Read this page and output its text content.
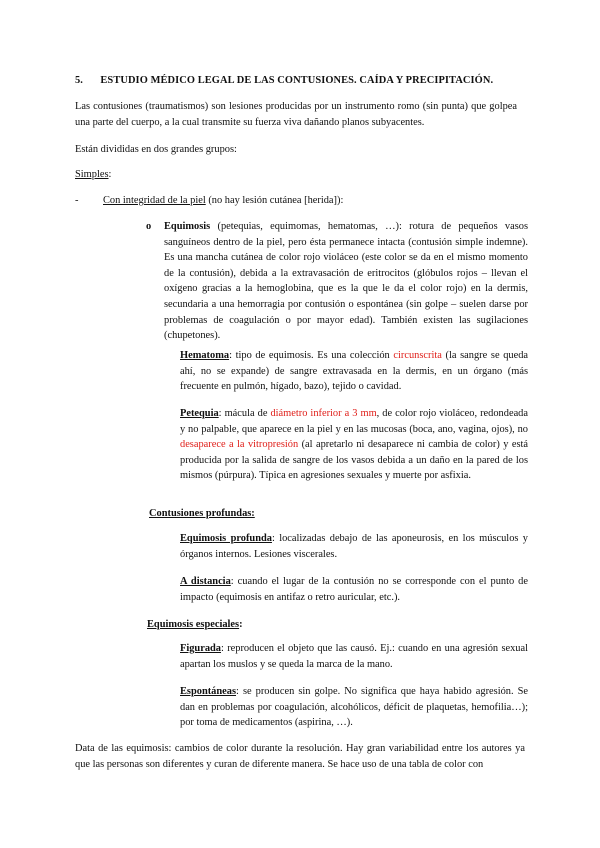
5. ESTUDIO MÉDICO LEGAL DE LAS CONTUSIONES. CAÍDA Y PRECIPITACIÓN.

Las contusiones (traumatismos) son lesiones producidas por un instrumento romo (sin punta) que golpea una parte del cuerpo, a la cual transmite su fuerza viva dañando planos subyacentes.

Están divididas en dos grandes grupos:

Simples:
- Con integridad de la piel (no hay lesión cutánea [herida]):
o Equimosis (petequias, equimomas, hematomas, …): rotura de pequeños vasos sanguíneos dentro de la piel, pero ésta permanece intacta (contusión simple indemne). Es una mancha cutánea de color rojo violáceo (este color se da en el mismo momento de la contusión), debida a la extravasación de eritrocitos (glóbulos rojos – llevan el oxígeno gracias a la hemoglobina, que es la que le da el color rojo) en la dermis, secundaria a una hemorragia por contusión o espontánea (sin golpe – suelen darse por problemas de coagulación o por mayor edad). También existen las sugilaciones (chupetones).

Hematoma: tipo de equimosis. Es una colección circunscrita (la sangre se queda ahí, no se expande) de sangre extravasada en la dermis, en un órgano (más frecuente en pulmón, hígado, bazo), tejido o cavidad.

Petequia: mácula de diámetro inferior a 3 mm, de color rojo violáceo, redondeada y no palpable, que aparece en la piel y en las mucosas (boca, ano, vagina, ojos), no desaparece a la vitropresión (al apretarlo ni desaparece ni cambia de color) y está producida por la salida de sangre de los vasos debida a un daño en la pared de los mismos (púrpura). Típica en agresiones sexuales y muerte por asfixia.

Contusiones profundas:

Equimosis profunda: localizadas debajo de las aponeurosis, en los músculos y órganos internos. Lesiones viscerales.

A distancia: cuando el lugar de la contusión no se corresponde con el punto de impacto (equimosis en antifaz o retro auricular, etc.).

Equimosis especiales:

Figurada: reproducen el objeto que las causó. Ej.: cuando en una agresión sexual apartan los muslos y se queda la marca de la mano.

Espontáneas: se producen sin golpe. No significa que haya habido agresión. Se dan en problemas por coagulación, alcohólicos, déficit de plaquetas, hemofilia…); por toma de medicamentos (aspirina, …).

Data de las equimosis: cambios de color durante la resolución. Hay gran variabilidad entre los autores ya que las personas son diferentes y curan de diferente manera. Se hace uso de una tabla de color con
